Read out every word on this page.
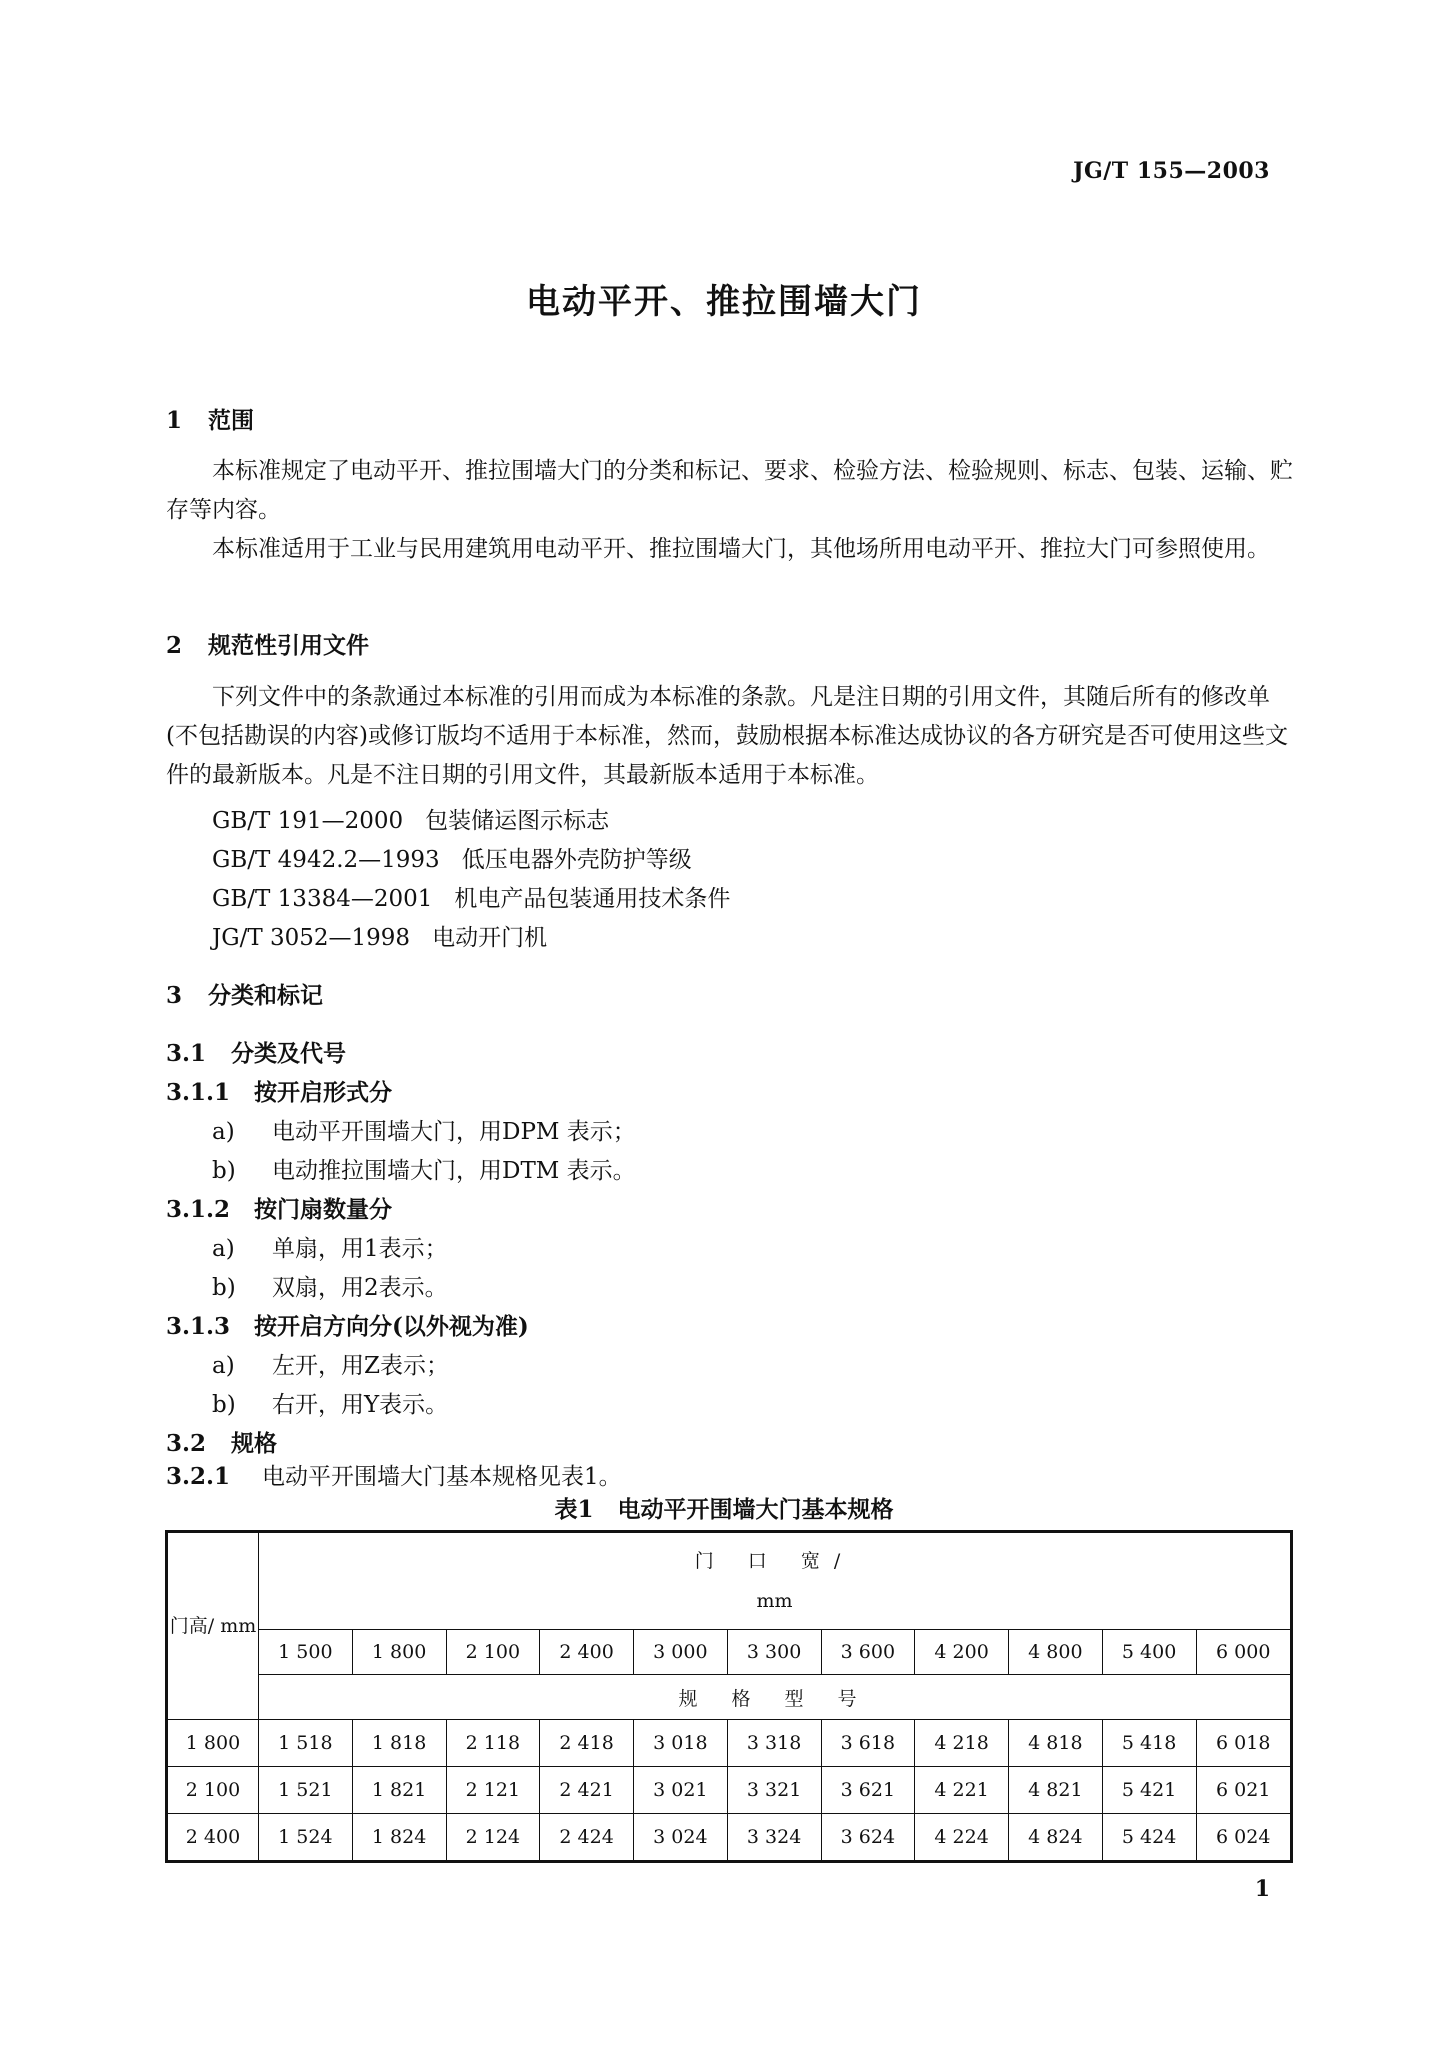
JG/T 155—2003
电动平开、推拉围墙大门
1 范围
本标准规定了电动平开、推拉围墙大门的分类和标记、要求、检验方法、检验规则、标志、包装、运输、贮存等内容。
本标准适用于工业与民用建筑用电动平开、推拉围墙大门，其他场所用电动平开、推拉大门可参照使用。
2 规范性引用文件
下列文件中的条款通过本标准的引用而成为本标准的条款。凡是注日期的引用文件，其随后所有的修改单(不包括勘误的内容)或修订版均不适用于本标准，然而，鼓励根据本标准达成协议的各方研究是否可使用这些文件的最新版本。凡是不注日期的引用文件，其最新版本适用于本标准。
GB/T 191—2000 包装储运图示标志
GB/T 4942.2—1993 低压电器外壳防护等级
GB/T 13384—2001 机电产品包装通用技术条件
JG/T 3052—1998 电动开门机
3 分类和标记
3.1 分类及代号
3.1.1 按开启形式分
a) 电动平开围墙大门，用DPM 表示；
b) 电动推拉围墙大门，用DTM 表示。
3.1.2 按门扇数量分
a) 单扇，用1表示；
b) 双扇，用2表示。
3.1.3 按开启方向分(以外视为准)
a) 左开，用Z表示；
b) 右开，用Y表示。
3.2 规格
3.2.1 电动平开围墙大门基本规格见表1。
表1 电动平开围墙大门基本规格
门高/ mm	门 口 宽/
mm										

	1 500	1 800	2 100	2 400	3 000	3 300	3 600	4 200	4 800	5 400	6 000
	规 格 型 号										
1 800	1 518	1 818	2 118	2 418	3 018	3 318	3 618	4 218	4 818	5 418	6 018
2 100	1 521	1 821	2 121	2 421	3 021	3 321	3 621	4 221	4 821	5 421	6 021
2 400	1 524	1 824	2 124	2 424	3 024	3 324	3 624	4 224	4 824	5 424	6 024
1
